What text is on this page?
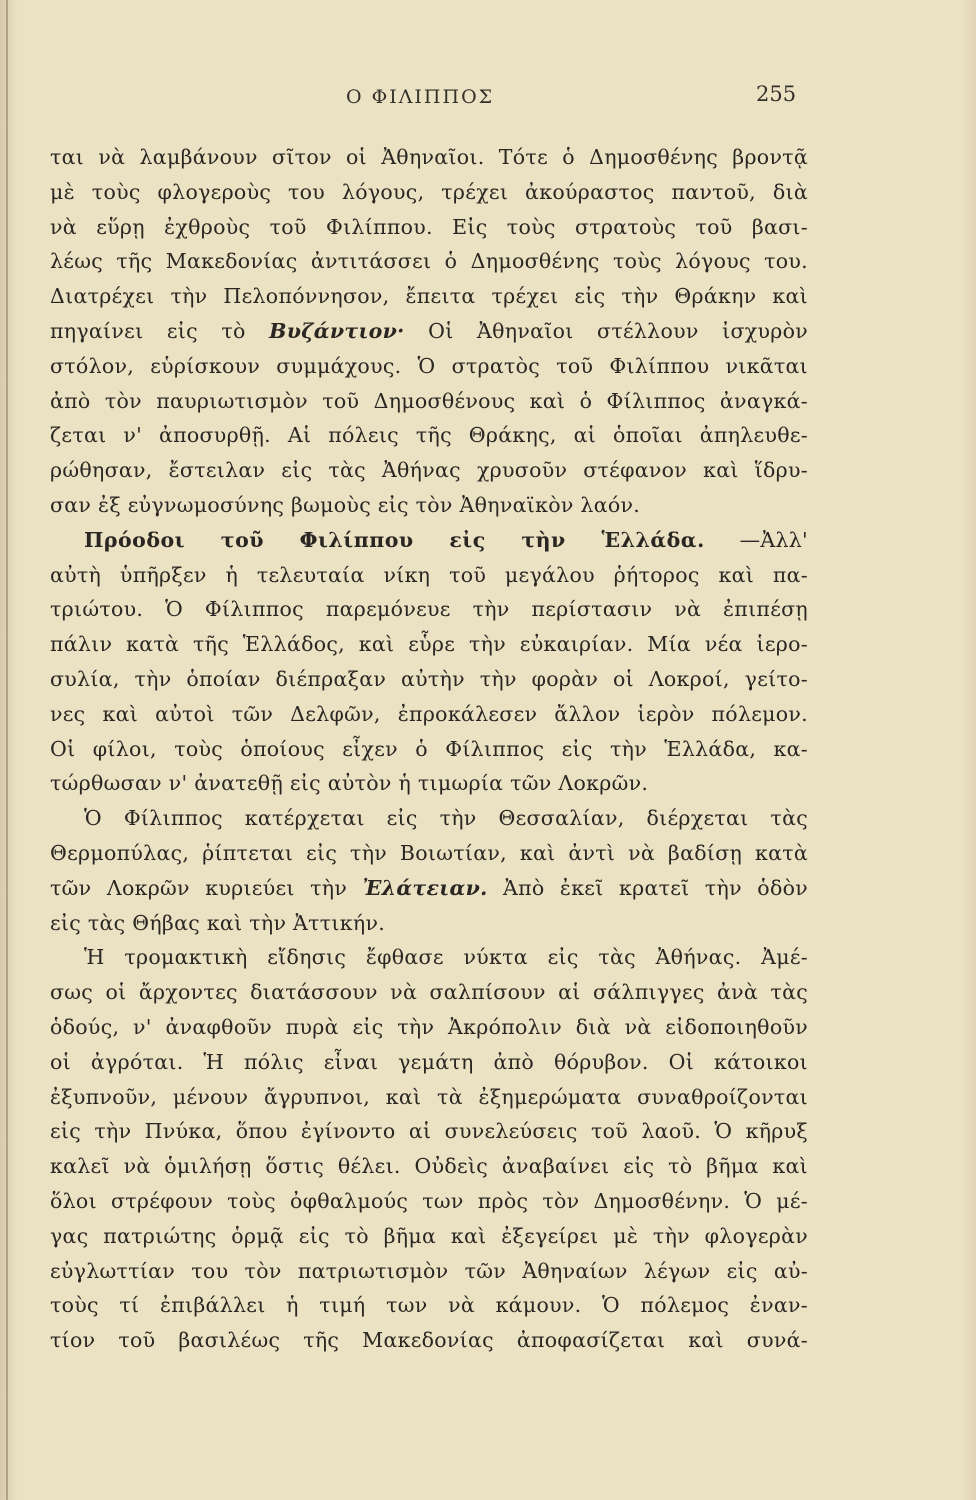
Ο ΦΙΛΙΠΠΟΣ	255
ται νὰ λαμβάνουν σῖτον οἱ Ἀθηναῖοι. Τότε ὁ Δημοσθένης βροντᾷ
μὲ τοὺς φλογεροὺς του λόγους, τρέχει ἀκούραστος παντοῦ, διὰ
νὰ εὕρῃ ἐχθροὺς τοῦ Φιλίππου. Εἰς τοὺς στρατοὺς τοῦ βασι-
λέως τῆς Μακεδονίας ἀντιτάσσει ὁ Δημοσθένης τοὺς λόγους του.
Διατρέχει τὴν Πελοπόννησον, ἔπειτα τρέχει εἰς τὴν Θράκην καὶ
πηγαίνει εἰς τὸ Βυζάντιον· Οἱ Ἀθηναῖοι στέλλουν ἰσχυρὸν
στόλον, εὑρίσκουν συμμάχους. Ὁ στρατὸς τοῦ Φιλίππου νικᾶται
ἀπὸ τὸν παυριωτισμὸν τοῦ Δημοσθένους καὶ ὁ Φίλιππος ἀναγκά-
ζεται ν' ἀποσυρθῇ. Αἱ πόλεις τῆς Θράκης, αἱ ὁποῖαι ἀπηλευθε-
ρώθησαν, ἔστειλαν εἰς τὰς Ἀθήνας χρυσοῦν στέφανον καὶ ἵδρυ-
σαν ἐξ εὐγνωμοσύνης βωμοὺς εἰς τὸν Ἀθηναϊκὸν λαόν.
Πρόοδοι τοῦ Φιλίππου εἰς τὴν Ἑλλάδα. —Ἀλλ'
αὐτὴ ὑπῆρξεν ἡ τελευταία νίκη τοῦ μεγάλου ῥήτορος καὶ πα-
τριώτου. Ὁ Φίλιππος παρεμόνευε τὴν περίστασιν νὰ ἐπιπέσῃ
πάλιν κατὰ τῆς Ἑλλάδος, καὶ εὗρε τὴν εὐκαιρίαν. Μία νέα ἱερο-
συλία, τὴν ὁποίαν διέπραξαν αὐτὴν τὴν φορὰν οἱ Λοκροί, γείτο-
νες καὶ αὐτοὶ τῶν Δελφῶν, ἐπροκάλεσεν ἄλλον ἱερὸν πόλεμον.
Οἱ φίλοι, τοὺς ὁποίους εἶχεν ὁ Φίλιππος εἰς τὴν Ἑλλάδα, κα-
τώρθωσαν ν' ἀνατεθῇ εἰς αὐτὸν ἡ τιμωρία τῶν Λοκρῶν.
Ὁ Φίλιππος κατέρχεται εἰς τὴν Θεσσαλίαν, διέρχεται τὰς
Θερμοπύλας, ῥίπτεται εἰς τὴν Βοιωτίαν, καὶ ἀντὶ νὰ βαδίσῃ κατὰ
τῶν Λοκρῶν κυριεύει τὴν Ἐλάτειαν. Ἀπὸ ἐκεῖ κρατεῖ τὴν ὁδὸν
εἰς τὰς Θήβας καὶ τὴν Ἀττικήν.
Ἡ τρομακτικὴ εἴδησις ἔφθασε νύκτα εἰς τὰς Ἀθήνας. Ἀμέ-
σως οἱ ἄρχοντες διατάσσουν νὰ σαλπίσουν αἱ σάλπιγγες ἀνὰ τὰς
ὁδούς, ν' ἀναφθοῦν πυρὰ εἰς τὴν Ἀκρόπολιν διὰ νὰ εἰδοποιηθοῦν
οἱ ἀγρόται. Ἡ πόλις εἶναι γεμάτη ἀπὸ θόρυβον. Οἱ κάτοικοι
ἐξυπνοῦν, μένουν ἄγρυπνοι, καὶ τὰ ἐξημερώματα συναθροίζονται
εἰς τὴν Πνύκα, ὅπου ἐγίνοντο αἱ συνελεύσεις τοῦ λαοῦ. Ὁ κῆρυξ
καλεῖ νὰ ὁμιλήσῃ ὅστις θέλει. Οὐδεὶς ἀναβαίνει εἰς τὸ βῆμα καὶ
ὅλοι στρέφουν τοὺς ὀφθαλμούς των πρὸς τὸν Δημοσθένην. Ὁ μέ-
γας πατριώτης ὁρμᾷ εἰς τὸ βῆμα καὶ ἐξεγείρει μὲ τὴν φλογερὰν
εὐγλωττίαν του τὸν πατριωτισμὸν τῶν Ἀθηναίων λέγων εἰς αὐ-
τοὺς τί ἐπιβάλλει ἡ τιμή των νὰ κάμουν. Ὁ πόλεμος ἐναν-
τίον τοῦ βασιλέως τῆς Μακεδονίας ἀποφασίζεται καὶ συνά-
